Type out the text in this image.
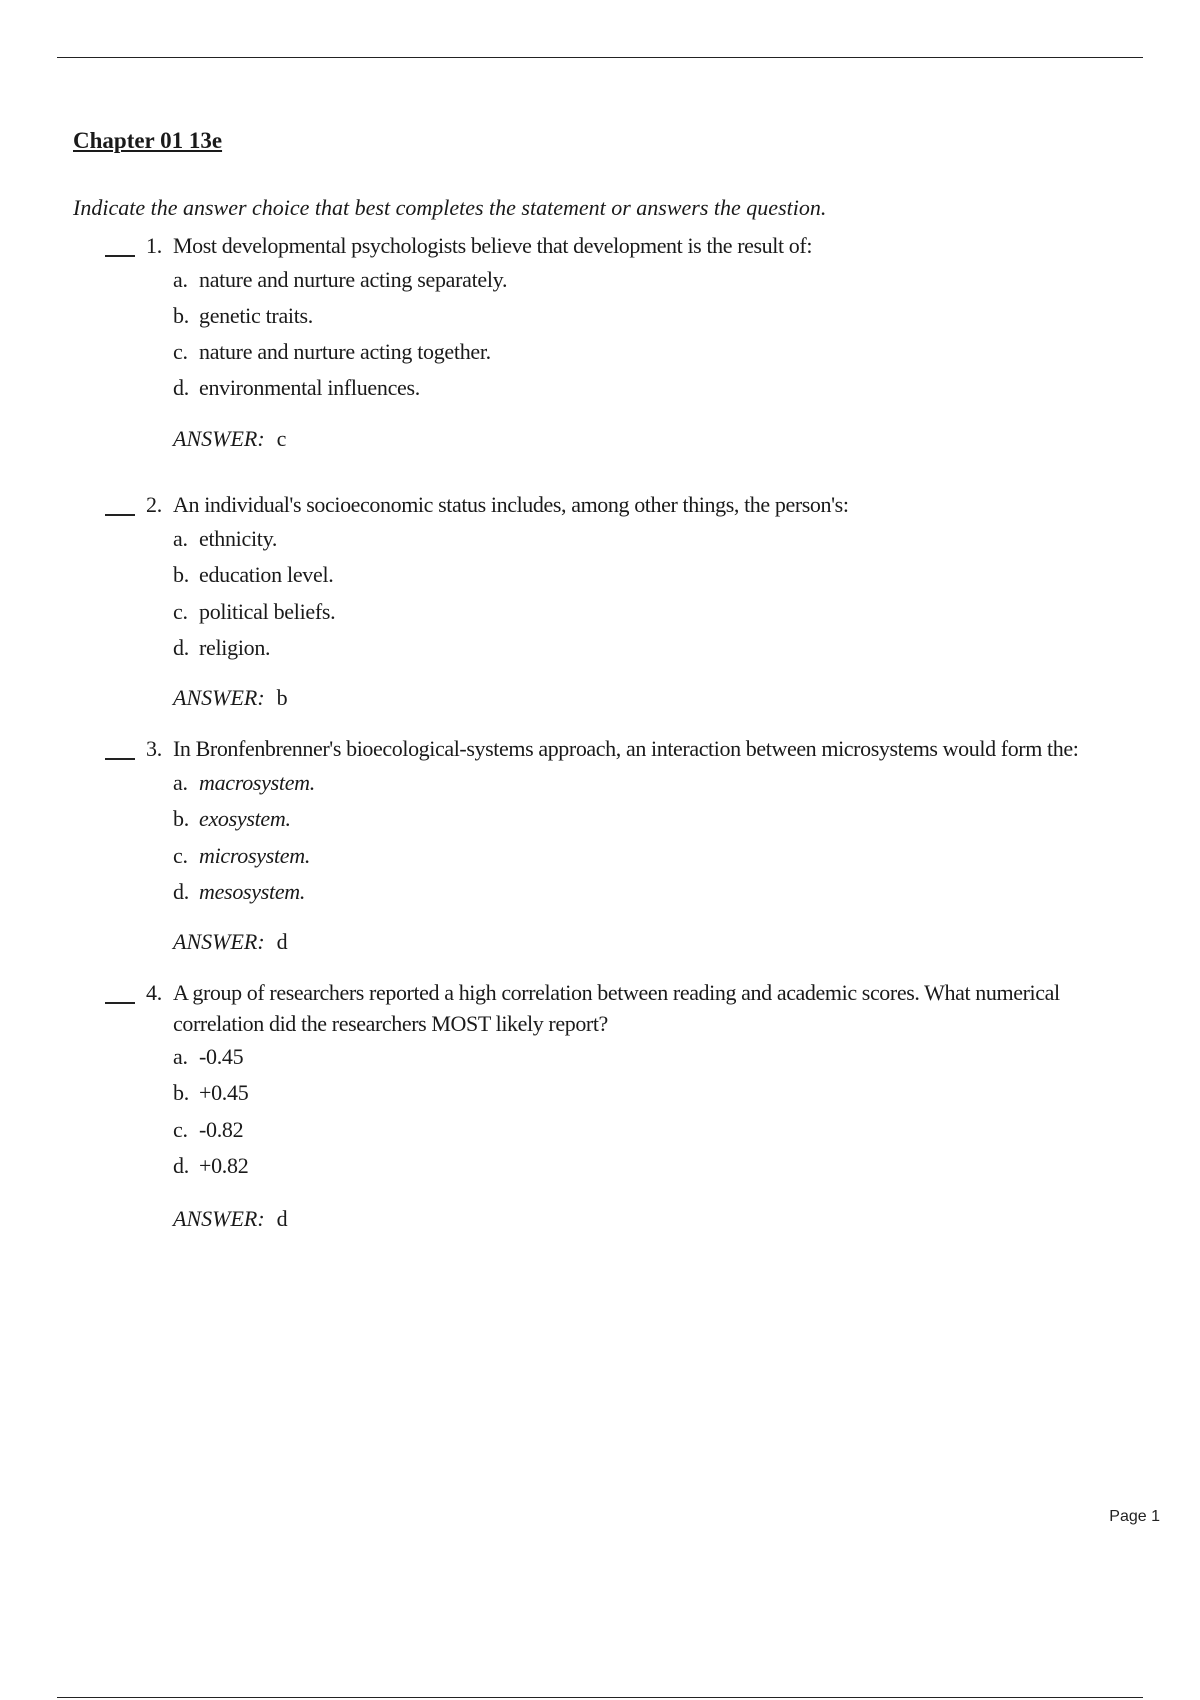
Chapter 01 13e

Indicate the answer choice that best completes the statement or answers the question.

1. Most developmental psychologists believe that development is the result of:
a. nature and nurture acting separately.
b. genetic traits.
c. nature and nurture acting together.
d. environmental influences.
ANSWER: c
2. An individual's socioeconomic status includes, among other things, the person's:
a. ethnicity.
b. education level.
c. political beliefs.
d. religion.
ANSWER: b
3. In Bronfenbrenner's bioecological-systems approach, an interaction between microsystems would form the:
a. macrosystem.
b. exosystem.
c. microsystem.
d. mesosystem.
ANSWER: d
4. A group of researchers reported a high correlation between reading and academic scores. What numerical correlation did the researchers MOST likely report?
a. -0.45
b. +0.45
c. -0.82
d. +0.82
ANSWER: d
Page 1
